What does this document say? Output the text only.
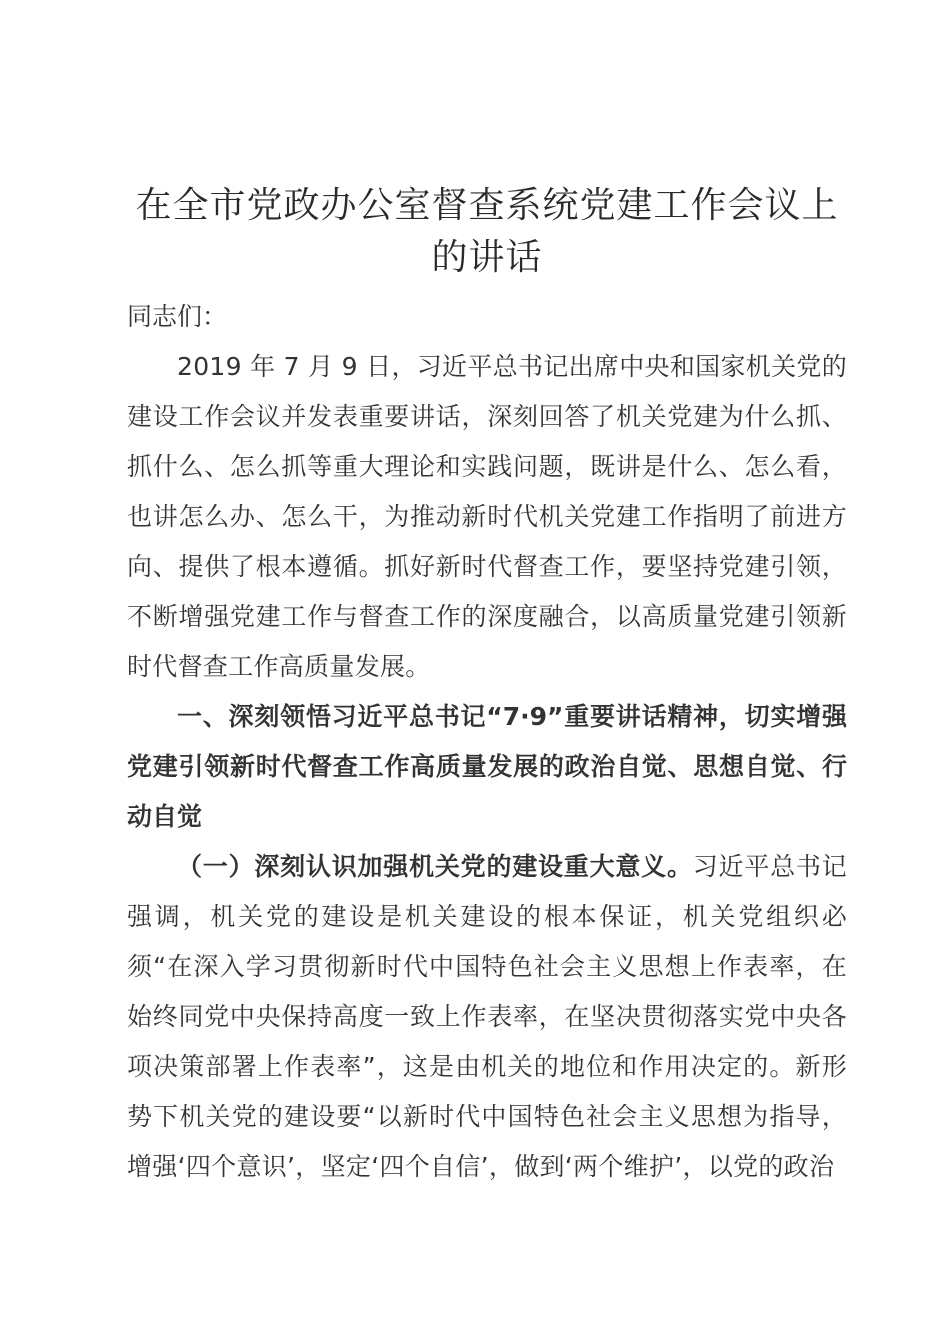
在全市党政办公室督查系统党建工作会议上的讲话

同志们：

2019 年 7 月 9 日，习近平总书记出席中央和国家机关党的建设工作会议并发表重要讲话，深刻回答了机关党建为什么抓、抓什么、怎么抓等重大理论和实践问题，既讲是什么、怎么看，也讲怎么办、怎么干，为推动新时代机关党建工作指明了前进方向、提供了根本遵循。抓好新时代督查工作，要坚持党建引领，不断增强党建工作与督查工作的深度融合，以高质量党建引领新时代督查工作高质量发展。

一、深刻领悟习近平总书记“7·9”重要讲话精神，切实增强党建引领新时代督查工作高质量发展的政治自觉、思想自觉、行动自觉

（一）深刻认识加强机关党的建设重大意义。习近平总书记强调，机关党的建设是机关建设的根本保证，机关党组织必须“在深入学习贯彻新时代中国特色社会主义思想上作表率，在始终同党中央保持高度一致上作表率，在坚决贯彻落实党中央各项决策部署上作表率”，这是由机关的地位和作用决定的。新形势下机关党的建设要“以新时代中国特色社会主义思想为指导，增强‘四个意识’，坚定‘四个自信’，做到‘两个维护’，以党的政治
